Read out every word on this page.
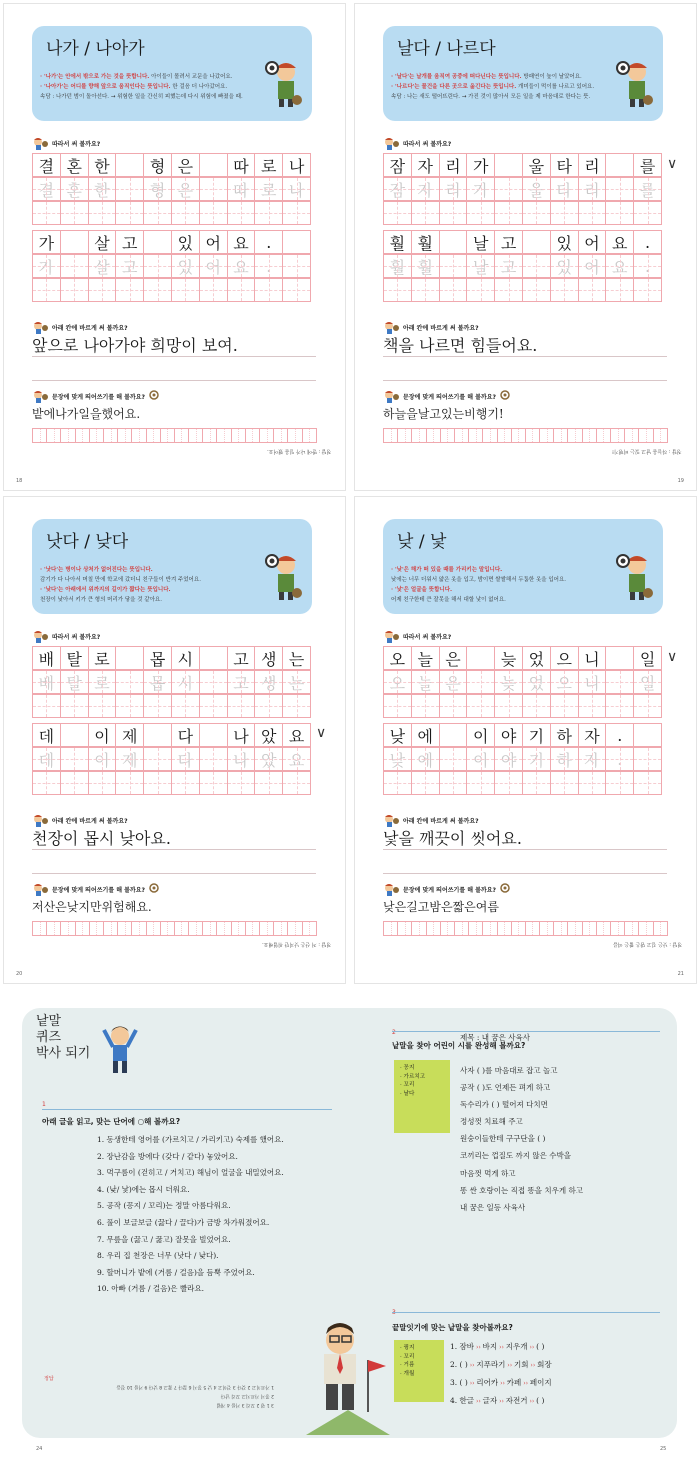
나가 / 나아가
· '나가'는 안에서 밖으로 가는 것을 뜻합니다. 아이들이 몰려서 교문을 나갔어요.
· '나아가'는 어디를 향해 앞으로 움직인다는 뜻입니다. 한 걸음 더 나아갔어요.
속담 : 나가던 범이 돌아선다. → 위험한 일을 간신히 피했는데 다시 위험에 빠졌을 때.
따라서 써 볼까요?
결 혼 한	형 은	따 로 나
결 혼 한	형 은	따 로 나
가	살 고	있 어 요 .
가	살 고	있 어 요 .
아래 칸에 바르게 써 볼까요?
앞으로 나아가야 희망이 보여.
문장에 맞게 띄어쓰기를 해 볼까요?
밭에나가일을했어요.
정답 : 밭에 나가 일을 했어요.
18
날다 / 나르다
· '날다'는 날개를 움직여 공중에 떠다닌다는 뜻입니다. 방패연이 높이 날았어요.
· '나르다'는 물건을 다른 곳으로 옮긴다는 뜻입니다. 개미들이 먹이를 나르고 있어요.
속담 : 나는 새도 떨어뜨린다. → 가진 것이 많아서 모든 일을 제 마음대로 한다는 뜻.
따라서 써 볼까요?
잠 자 리 가	울 타 리	를
잠 자 리 가	울 타 리	를
훨 훨	날 고	있 어 요 .
훨 훨	날 고	있 어 요 .
∨
아래 칸에 바르게 써 볼까요?
책을 나르면 힘들어요.
문장에 맞게 띄어쓰기를 해 볼까요?
하늘을날고있는비행기!
정답 : 하늘을 날고 있는 비행기!
19
낫다 / 낮다
· '낫다'는 병이나 상처가 없어진다는 뜻입니다.
감기가 다 나아서 머칠 만에 학교에 갔더니 친구들이 반겨 주었어요.
· '낮다'는 아래에서 위까지의 길이가 짧다는 뜻입니다.
천장이 낮아서 키가 큰 형의 머리가 닿을 것 같아요.
따라서 써 볼까요?
배 탈 로	몹 시	고 생 는
배 탈 로	몹 시	고 생 는
데	이 제	다	나 았 요
데	이 제	다	나 았 요
∨
아래 칸에 바르게 써 볼까요?
천장이 몹시 낮아요.
문장에 맞게 띄어쓰기를 해 볼까요?
저산은낮지만위험해요.
정답 : 저 산은 낮지만 위험해요.
20
낮 / 낯
· '낮'은 해가 떠 있을 때를 가리키는 말입니다.
낮에는 너무 더워서 얇은 옷을 입고, 밤이면 쌀쌀해서 두툼한 옷을 입어요.
· '낯'은 얼굴을 뜻합니다.
어제 친구한테 큰 잘못을 해서 대할 낯이 없어요.
따라서 써 볼까요?
오 늘 은	늦 었 으 니	일
오 늘 은	늦 었 으 니	일
낮 에	이 야 기 하 자 .
낮 에	이 야 기 하 자 .
∨
아래 칸에 바르게 써 볼까요?
낯을 깨끗이 씻어요.
문장에 맞게 띄어쓰기를 해 볼까요?
낮은길고밤은짧은여름
정답 : 낮은 길고 밤은 짧은 여름
21
낱말
퀴즈
박사 되기
1
아래 글을 읽고, 맞는 단어에 ○해 볼까요?
1. 동생한테 영어를 (가르치고 / 가리키고) 숙제를 했어요.
2. 장난감을 방에다 (갖다 / 같다) 놓았어요.
3. 먹구름이 (걷히고 / 거치고) 해님이 얼굴을 내밀었어요.
4. (낮/ 낯)에는 몹시 더워요.
5. 공작 (꽁지 / 꼬리)는 정말 아름다워요.
6. 풀이 보글보글 (끓다 / 끌다)가 금방 차가워졌어요.
7. 무릎을 (끓고 / 꿇고) 잘못을 빌었어요.
8. 우리 집 천장은 너무 (낫다 / 낮다).
9. 할머니가 밭에 (거름 / 걸음)을 듬뿍 주었어요.
10. 아빠 (거름 / 걸음)은 빨라요.
정답
3 1 꿩 2 꼬리 3 거름 4 개월
2 꽁지 가르치고 꼬리 날다
1 가르치고 2 갖다 3 걷히고 4 낮 5 꽁지 6 끓다 7 꿇고 8 낮다 9 거름 10 걸음
2
낱말을 찾아 어린이 시를 완성해 볼까요?
· 꽁지
· 가르치고
· 꼬리
· 날다
제목 : 내 꿈은 사육사
사자 ( )를 마음대로 잡고 놀고
공작 ( )도 언제든 펴게 하고
독수리가 ( ) 떨어져 다치면
정성껏 치료해 주고
원숭이들한테 구구단을 ( )
코끼리는 껍질도 까지 않은 수박을
마음껏 먹게 하고
똥 싼 호랑이는 직접 똥을 치우게 하고
내 꿈은 일등 사육사
3
끝말잇기에 맞는 낱말을 찾아볼까요?
· 꿩지
· 꼬리
· 거름
· 개월
1. 잠바 ›› 바지 ›› 지우개 ›› ( )
2. ( ) ›› 지푸라기 ›› 기회 ›› 회장
3. ( ) ›› 리어카 ›› 카페 ›› 페이지
4. 한글 ›› 글자 ›› 자전거 ›› ( )
24	25
